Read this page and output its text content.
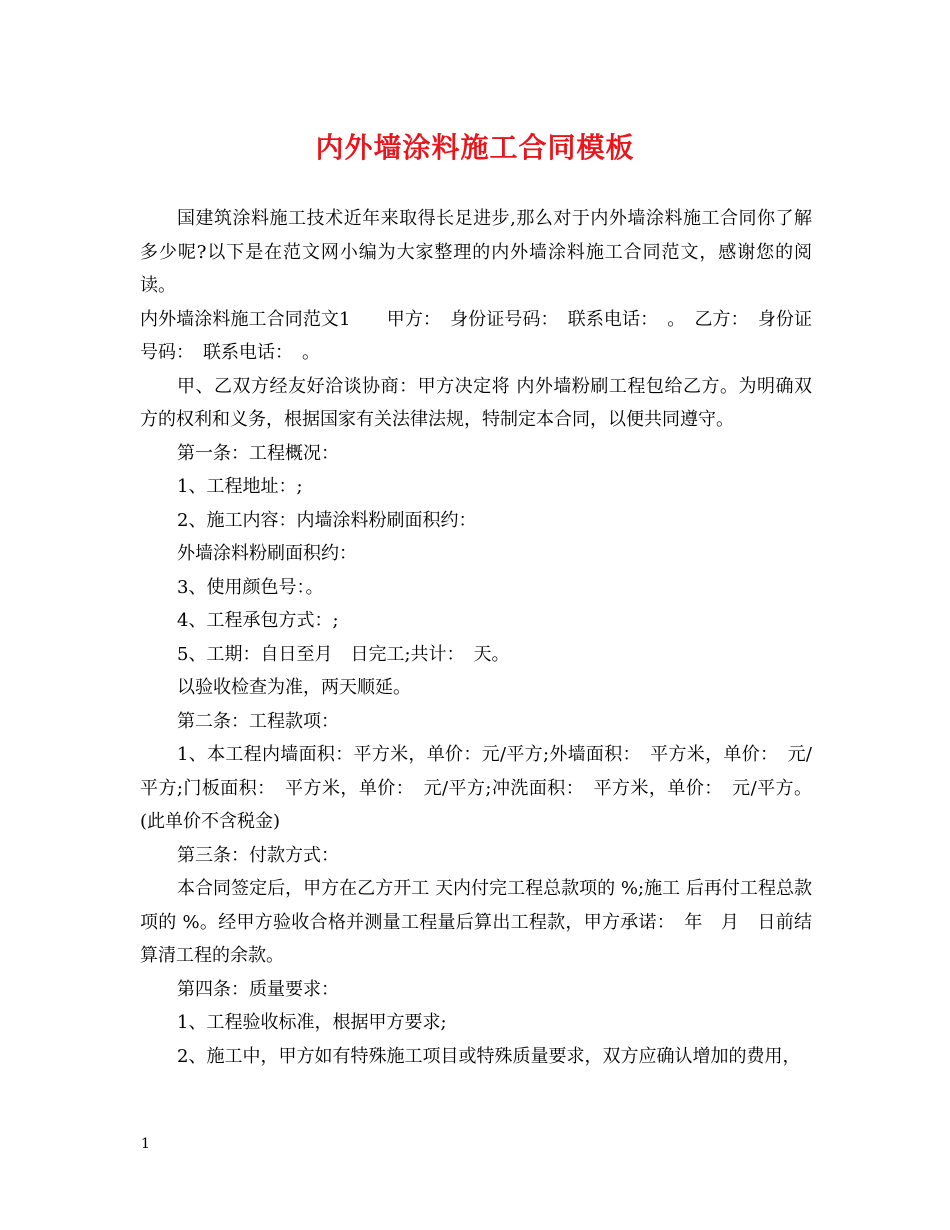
内外墙涂料施工合同模板

国建筑涂料施工技术近年来取得长足进步,那么对于内外墙涂料施工合同你了解多少呢?以下是在范文网小编为大家整理的内外墙涂料施工合同范文，感谢您的阅读。

内外墙涂料施工合同范文1　　甲方：　身份证号码：　联系电话：　。　乙方：　身份证号码：　联系电话：　。

甲、乙双方经友好洽谈协商：甲方决定将 内外墙粉刷工程包给乙方。为明确双方的权利和义务，根据国家有关法律法规，特制定本合同，以便共同遵守。

第一条：工程概况：

1、工程地址：;

2、施工内容：内墙涂料粉刷面积约：

外墙涂料粉刷面积约：

3、使用颜色号：。

4、工程承包方式：;

5、工期：自日至月　日完工;共计：　天。

以验收检查为准，两天顺延。

第二条：工程款项：

1、本工程内墙面积：平方米，单价：元/平方;外墙面积：　平方米，单价：　元/平方;门板面积：　平方米，单价：　元/平方;冲洗面积：　平方米，单价：　元/平方。(此单价不含税金)

第三条：付款方式：

本合同签定后，甲方在乙方开工 天内付完工程总款项的 %;施工 后再付工程总款项的 %。经甲方验收合格并测量工程量后算出工程款，甲方承诺：　年　月　日前结算清工程的余款。

第四条：质量要求：

1、工程验收标准，根据甲方要求;

2、施工中，甲方如有特殊施工项目或特殊质量要求，双方应确认增加的费用，

1
